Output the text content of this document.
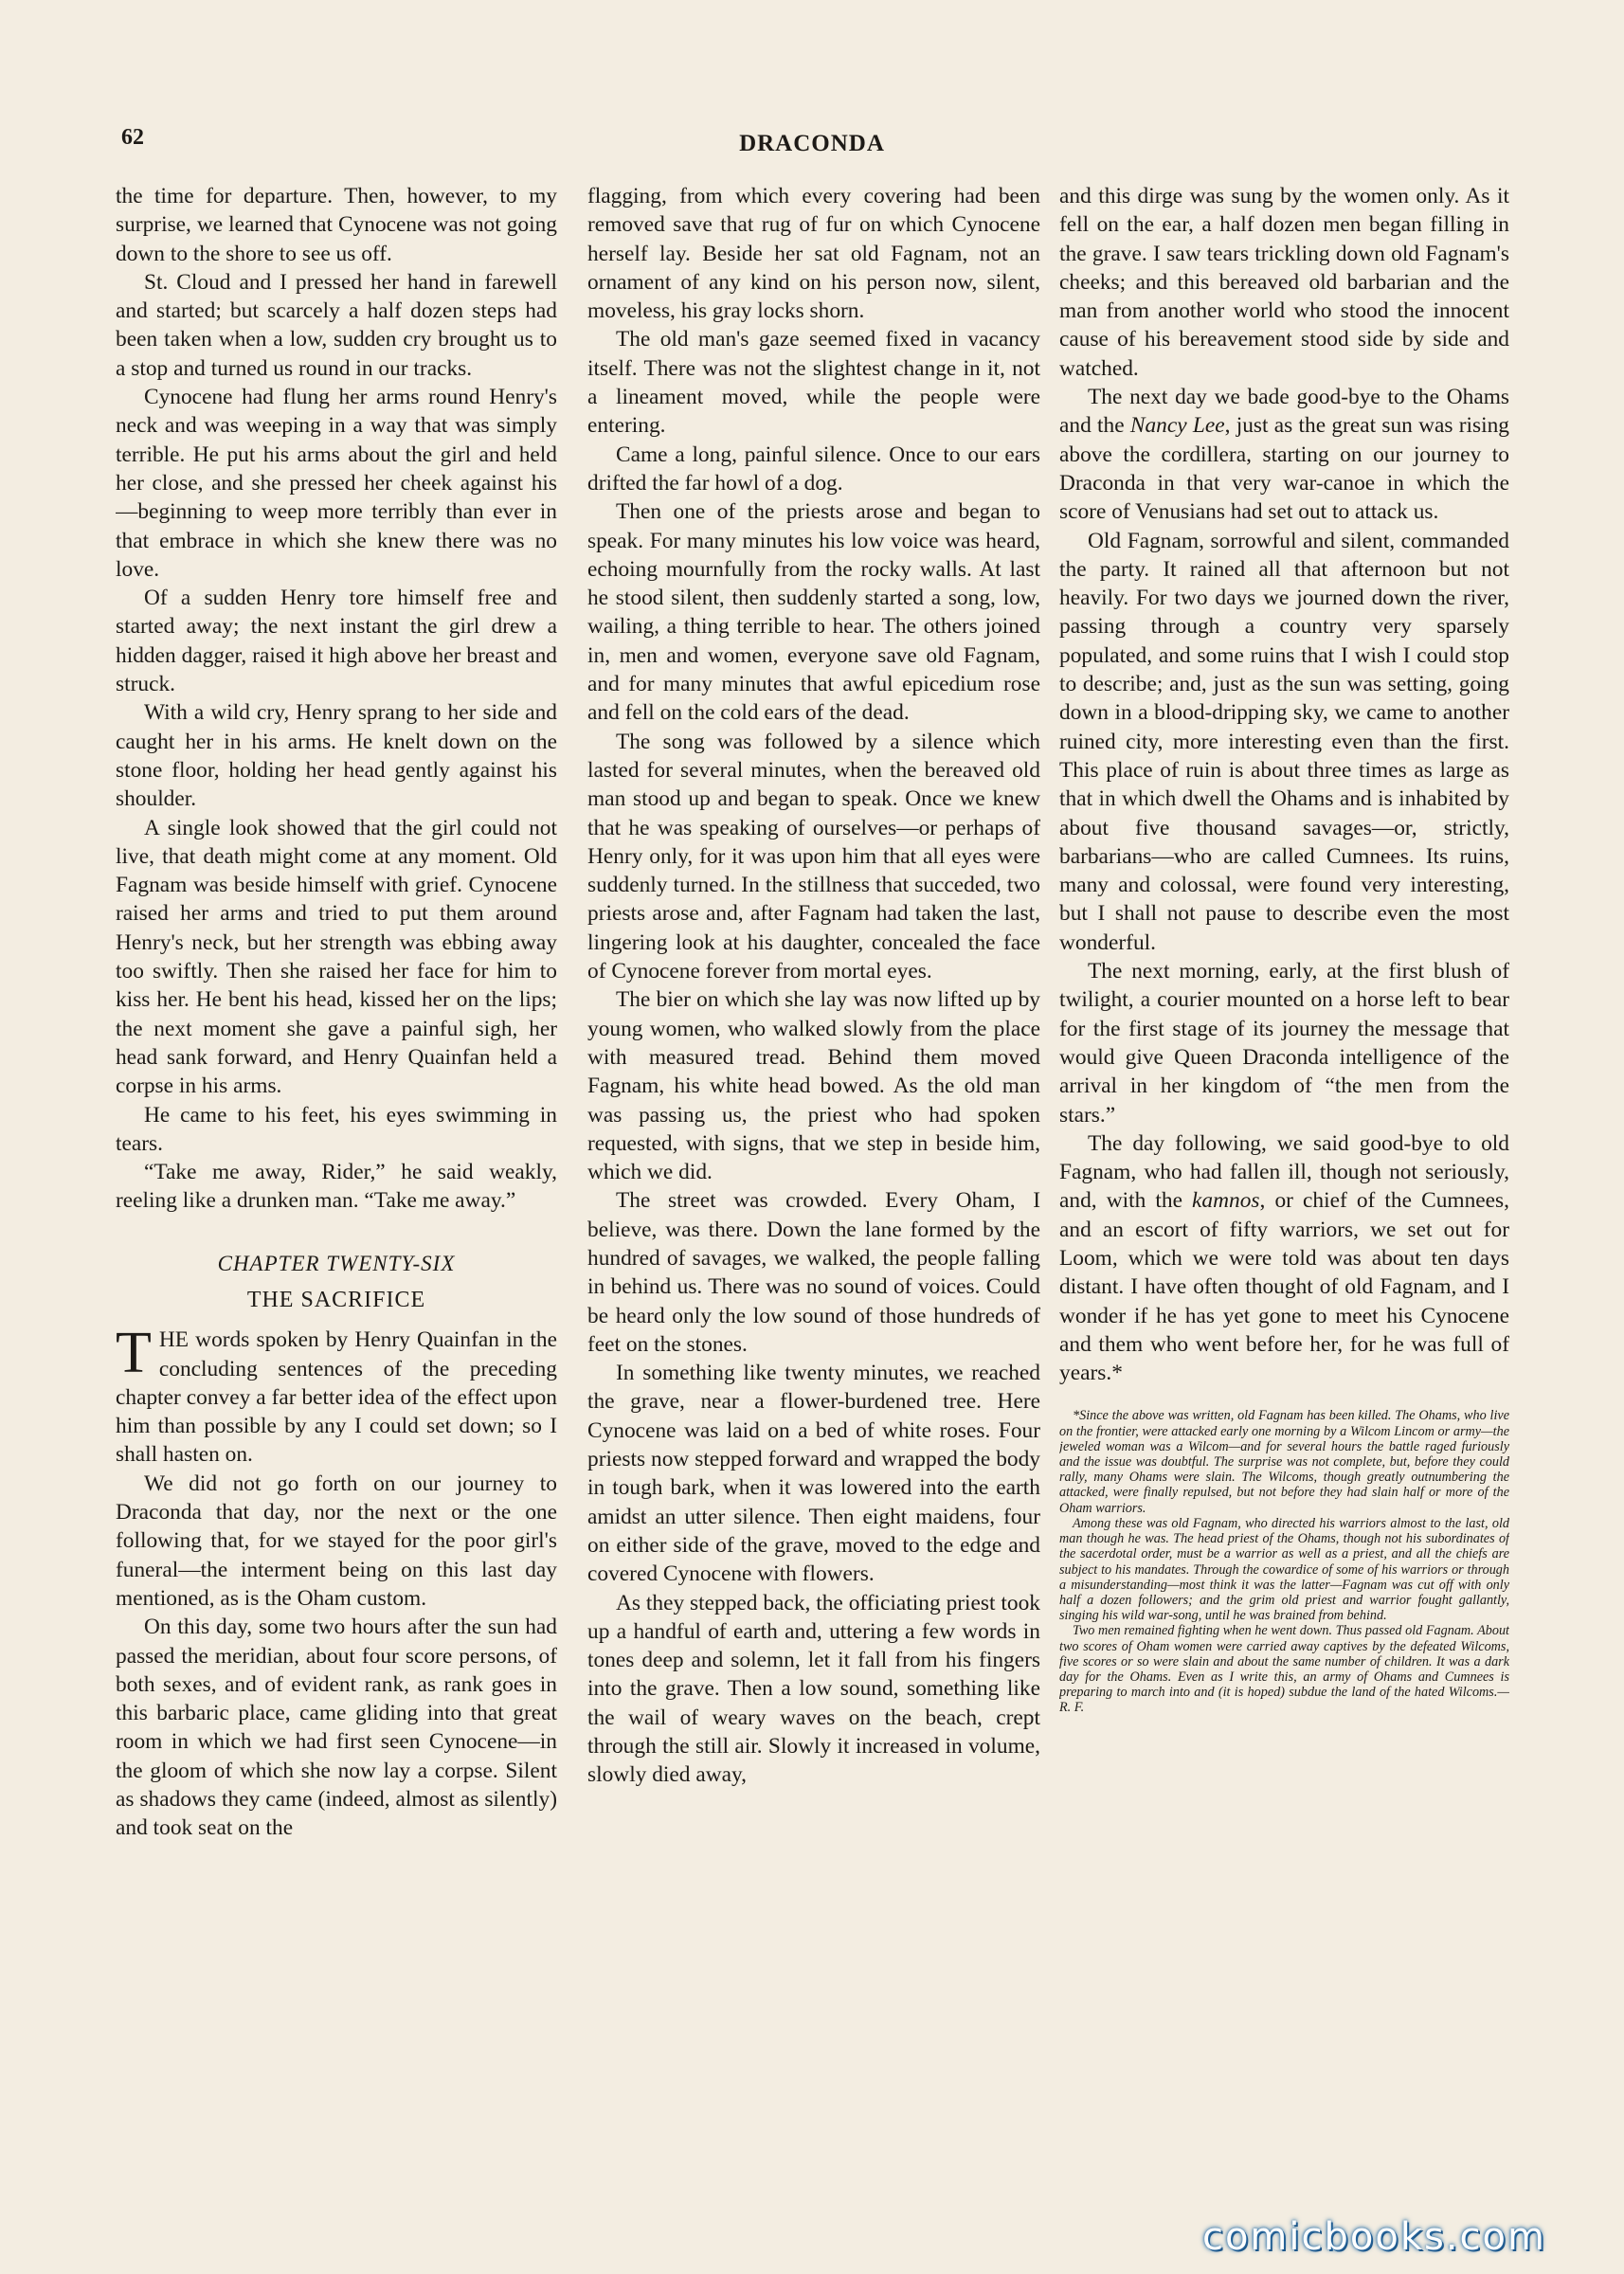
62	DRACONDA

the time for departure. Then, however, to my surprise, we learned that Cynocene was not going down to the shore to see us off.

St. Cloud and I pressed her hand in farewell and started; but scarcely a half dozen steps had been taken when a low, sudden cry brought us to a stop and turned us round in our tracks.

Cynocene had flung her arms round Henry's neck and was weeping in a way that was simply terrible. He put his arms about the girl and held her close, and she pressed her cheek against his—beginning to weep more terribly than ever in that embrace in which she knew there was no love.

Of a sudden Henry tore himself free and started away; the next instant the girl drew a hidden dagger, raised it high above her breast and struck.

With a wild cry, Henry sprang to her side and caught her in his arms. He knelt down on the stone floor, holding her head gently against his shoulder.

A single look showed that the girl could not live, that death might come at any moment. Old Fagnam was beside himself with grief. Cynocene raised her arms and tried to put them around Henry's neck, but her strength was ebbing away too swiftly. Then she raised her face for him to kiss her. He bent his head, kissed her on the lips; the next moment she gave a painful sigh, her head sank forward, and Henry Quainfan held a corpse in his arms.

He came to his feet, his eyes swimming in tears.

“Take me away, Rider,” he said weakly, reeling like a drunken man. “Take me away.”

CHAPTER TWENTY-SIX
THE SACRIFICE

THE words spoken by Henry Quainfan in the concluding sentences of the preceding chapter convey a far better idea of the effect upon him than possible by any I could set down; so I shall hasten on.

We did not go forth on our journey to Draconda that day, nor the next or the one following that, for we stayed for the poor girl's funeral—the interment being on this last day mentioned, as is the Oham custom.

On this day, some two hours after the sun had passed the meridian, about four score persons, of both sexes, and of evident rank, as rank goes in this barbaric place, came gliding into that great room in which we had first seen Cynocene—in the gloom of which she now lay a corpse. Silent as shadows they came (indeed, almost as silently) and took seat on the

flagging, from which every covering had been removed save that rug of fur on which Cynocene herself lay. Beside her sat old Fagnam, not an ornament of any kind on his person now, silent, moveless, his gray locks shorn.

The old man's gaze seemed fixed in vacancy itself. There was not the slightest change in it, not a lineament moved, while the people were entering.

Came a long, painful silence. Once to our ears drifted the far howl of a dog.

Then one of the priests arose and began to speak. For many minutes his low voice was heard, echoing mournfully from the rocky walls. At last he stood silent, then suddenly started a song, low, wailing, a thing terrible to hear. The others joined in, men and women, everyone save old Fagnam, and for many minutes that awful epicedium rose and fell on the cold ears of the dead.

The song was followed by a silence which lasted for several minutes, when the bereaved old man stood up and began to speak. Once we knew that he was speaking of ourselves—or perhaps of Henry only, for it was upon him that all eyes were suddenly turned. In the stillness that succeded, two priests arose and, after Fagnam had taken the last, lingering look at his daughter, concealed the face of Cynocene forever from mortal eyes.

The bier on which she lay was now lifted up by young women, who walked slowly from the place with measured tread. Behind them moved Fagnam, his white head bowed. As the old man was passing us, the priest who had spoken requested, with signs, that we step in beside him, which we did.

The street was crowded. Every Oham, I believe, was there. Down the lane formed by the hundred of savages, we walked, the people falling in behind us. There was no sound of voices. Could be heard only the low sound of those hundreds of feet on the stones.

In something like twenty minutes, we reached the grave, near a flower-burdened tree. Here Cynocene was laid on a bed of white roses. Four priests now stepped forward and wrapped the body in tough bark, when it was lowered into the earth amidst an utter silence. Then eight maidens, four on either side of the grave, moved to the edge and covered Cynocene with flowers.

As they stepped back, the officiating priest took up a handful of earth and, uttering a few words in tones deep and solemn, let it fall from his fingers into the grave. Then a low sound, something like the wail of weary waves on the beach, crept through the still air. Slowly it increased in volume, slowly died away,

and this dirge was sung by the women only. As it fell on the ear, a half dozen men began filling in the grave. I saw tears trickling down old Fagnam's cheeks; and this bereaved old barbarian and the man from another world who stood the innocent cause of his bereavement stood side by side and watched.

The next day we bade good-bye to the Ohams and the Nancy Lee, just as the great sun was rising above the cordillera, starting on our journey to Draconda in that very war-canoe in which the score of Venusians had set out to attack us.

Old Fagnam, sorrowful and silent, commanded the party. It rained all that afternoon but not heavily. For two days we journed down the river, passing through a country very sparsely populated, and some ruins that I wish I could stop to describe; and, just as the sun was setting, going down in a blood-dripping sky, we came to another ruined city, more interesting even than the first. This place of ruin is about three times as large as that in which dwell the Ohams and is inhabited by about five thousand savages—or, strictly, barbarians—who are called Cumnees. Its ruins, many and colossal, were found very interesting, but I shall not pause to describe even the most wonderful.

The next morning, early, at the first blush of twilight, a courier mounted on a horse left to bear for the first stage of its journey the message that would give Queen Draconda intelligence of the arrival in her kingdom of “the men from the stars.”

The day following, we said good-bye to old Fagnam, who had fallen ill, though not seriously, and, with the kamnos, or chief of the Cumnees, and an escort of fifty warriors, we set out for Loom, which we were told was about ten days distant. I have often thought of old Fagnam, and I wonder if he has yet gone to meet his Cynocene and them who went before her, for he was full of years.*

*Since the above was written, old Fagnam has been killed. The Ohams, who live on the frontier, were attacked early one morning by a Wilcom Lincom or army—the jeweled woman was a Wilcom—and for several hours the battle raged furiously and the issue was doubtful. The surprise was not complete, but, before they could rally, many Ohams were slain. The Wilcoms, though greatly outnumbering the attacked, were finally repulsed, but not before they had slain half or more of the Oham warriors.

Among these was old Fagnam, who directed his warriors almost to the last, old man though he was. The head priest of the Ohams, though not his subordinates of the sacerdotal order, must be a warrior as well as a priest, and all the chiefs are subject to his mandates. Through the cowardice of some of his warriors or through a misunderstanding—most think it was the latter—Fagnam was cut off with only half a dozen followers; and the grim old priest and warrior fought gallantly, singing his wild war-song, until he was brained from behind.

Two men remained fighting when he went down. Thus passed old Fagnam. About two scores of Oham women were carried away captives by the defeated Wilcoms, five scores or so were slain and about the same number of children. It was a dark day for the Ohams. Even as I write this, an army of Ohams and Cumnees is preparing to march into and (it is hoped) subdue the land of the hated Wilcoms.—R. F.

comicbooks.com
